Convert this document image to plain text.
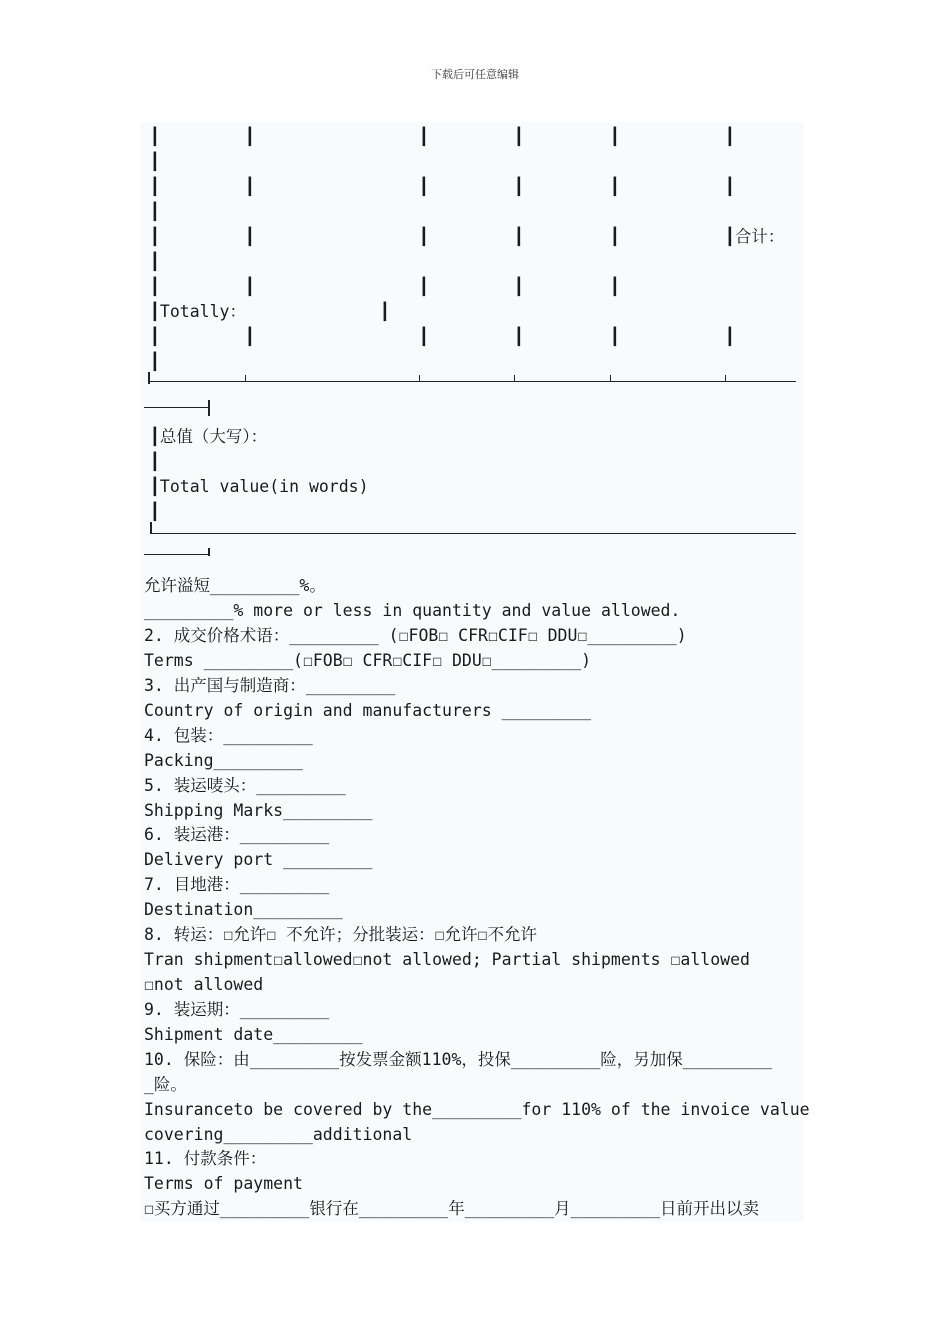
下载后可任意编辑
┃	┃	┃	┃	┃	┃
┃
┃	┃	┃	┃	┃	┃
┃
┃	┃	┃	┃	┃	┃合计：
┃
┃	┃	┃	┃	┃
┃Totally：	┃
┃	┃	┃	┃	┃	┃
┃
┃总值（大写）：
┃
┃Total value(in words)
┃
允许溢短_________%。
_________% more or less in quantity and value allowed.
2. 成交价格术语：_________ (☐FOB☐ CFR☐CIF☐ DDU☐_________)
Terms _________(☐FOB☐ CFR☐CIF☐ DDU☐_________)
3. 出产国与制造商：_________
Country of origin and manufacturers _________
4. 包装：_________
Packing_________
5. 装运唛头：_________
Shipping Marks_________
6. 装运港：_________
Delivery port _________
7. 目地港：_________
Destination_________
8. 转运：☐允许☐ 不允许；分批装运：☐允许☐不允许
Tran shipment☐allowed☐not allowed; Partial shipments ☐allowed
☐not allowed
9. 装运期：_________
Shipment date_________
10. 保险：由_________按发票金额110%，投保_________险，另加保_________
_险。
Insuranceto be covered by the_________for 110% of the invoice value
covering_________additional
11. 付款条件：
Terms of payment
☐买方通过_________银行在_________年_________月_________日前开出以卖
